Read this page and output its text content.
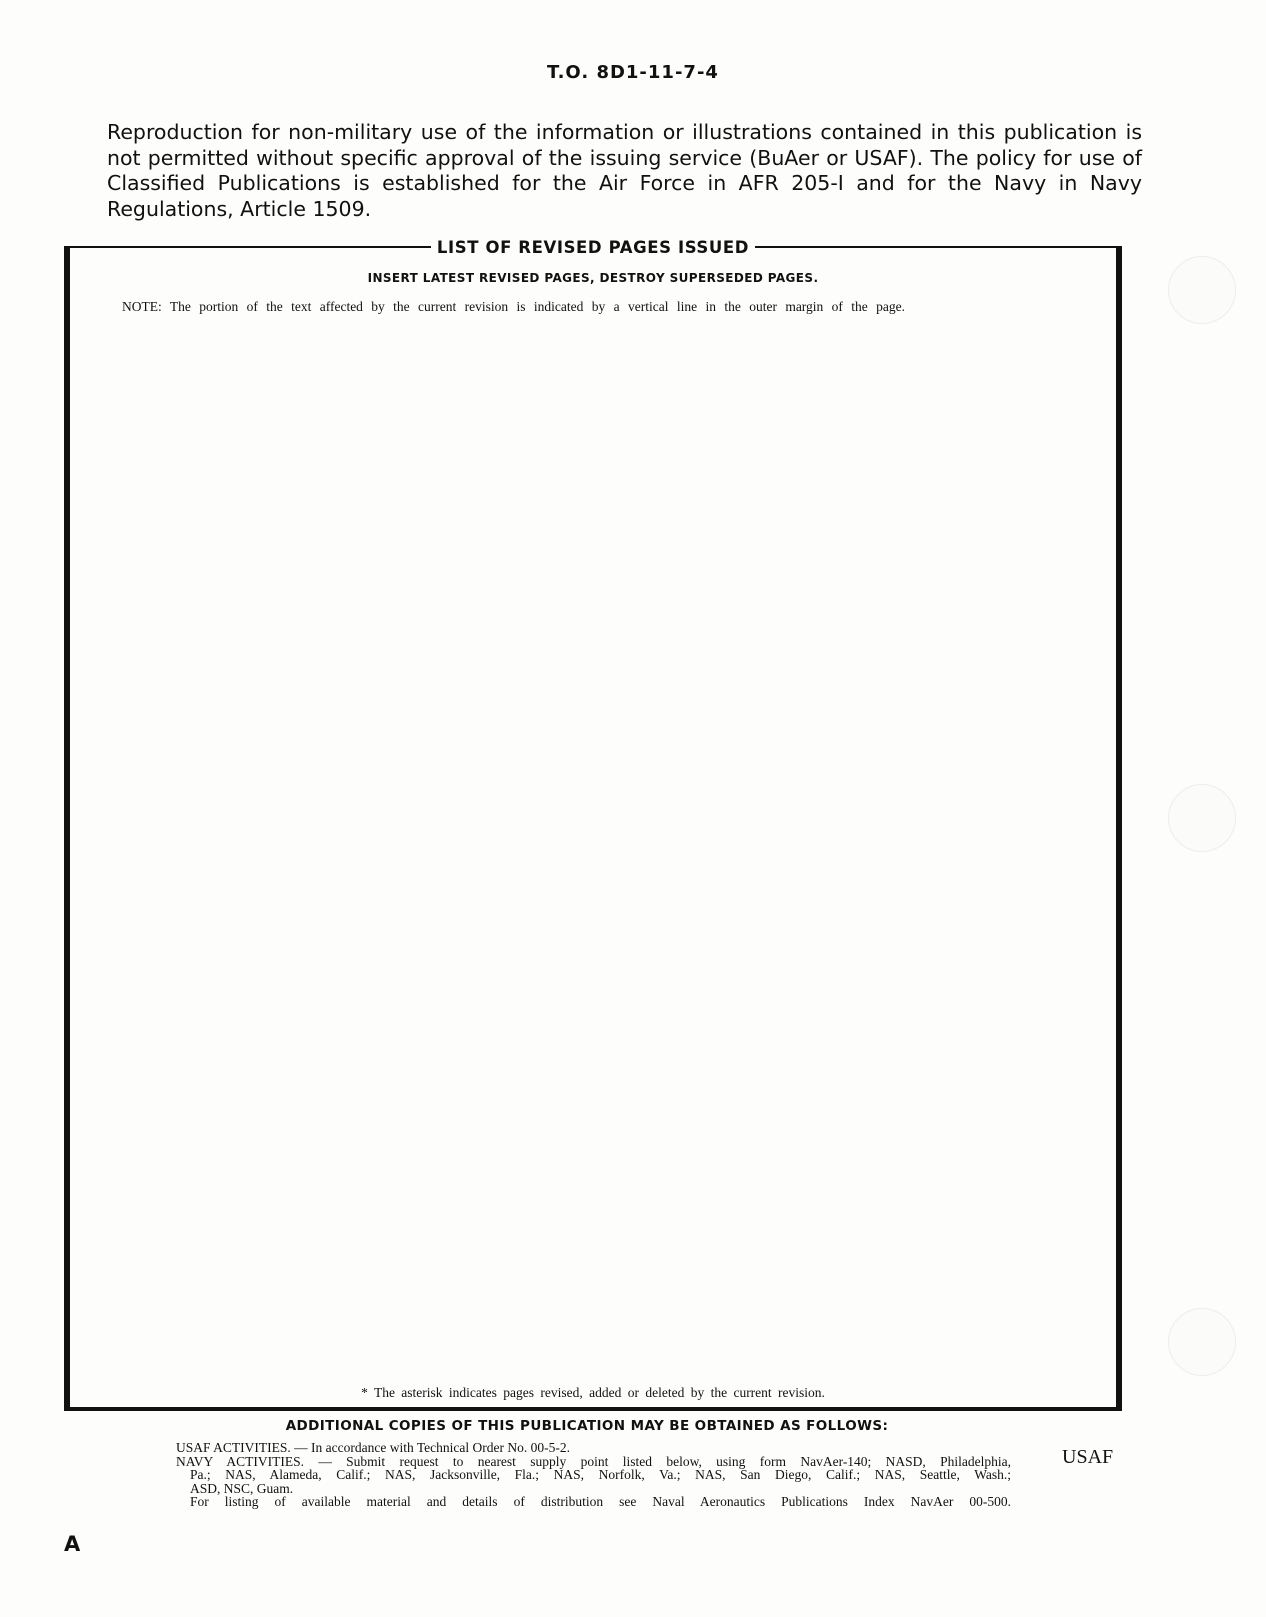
T.O. 8D1-11-7-4
Reproduction for non-military use of the information or illustrations contained in this publication is not permitted without specific approval of the issuing service (BuAer or USAF). The policy for use of Classified Publications is established for the Air Force in AFR 205-I and for the Navy in Navy Regulations, Article 1509.
LIST OF REVISED PAGES ISSUED
INSERT LATEST REVISED PAGES, DESTROY SUPERSEDED PAGES.
NOTE: The portion of the text affected by the current revision is indicated by a vertical line in the outer margin of the page.
* The asterisk indicates pages revised, added or deleted by the current revision.
ADDITIONAL COPIES OF THIS PUBLICATION MAY BE OBTAINED AS FOLLOWS:
USAF ACTIVITIES. — In accordance with Technical Order No. 00-5-2.
NAVY ACTIVITIES. — Submit request to nearest supply point listed below, using form NavAer-140; NASD, Philadelphia,
Pa.; NAS, Alameda, Calif.; NAS, Jacksonville, Fla.; NAS, Norfolk, Va.; NAS, San Diego, Calif.; NAS, Seattle, Wash.;
ASD, NSC, Guam.
For listing of available material and details of distribution see Naval Aeronautics Publications Index NavAer 00-500.
USAF
A
